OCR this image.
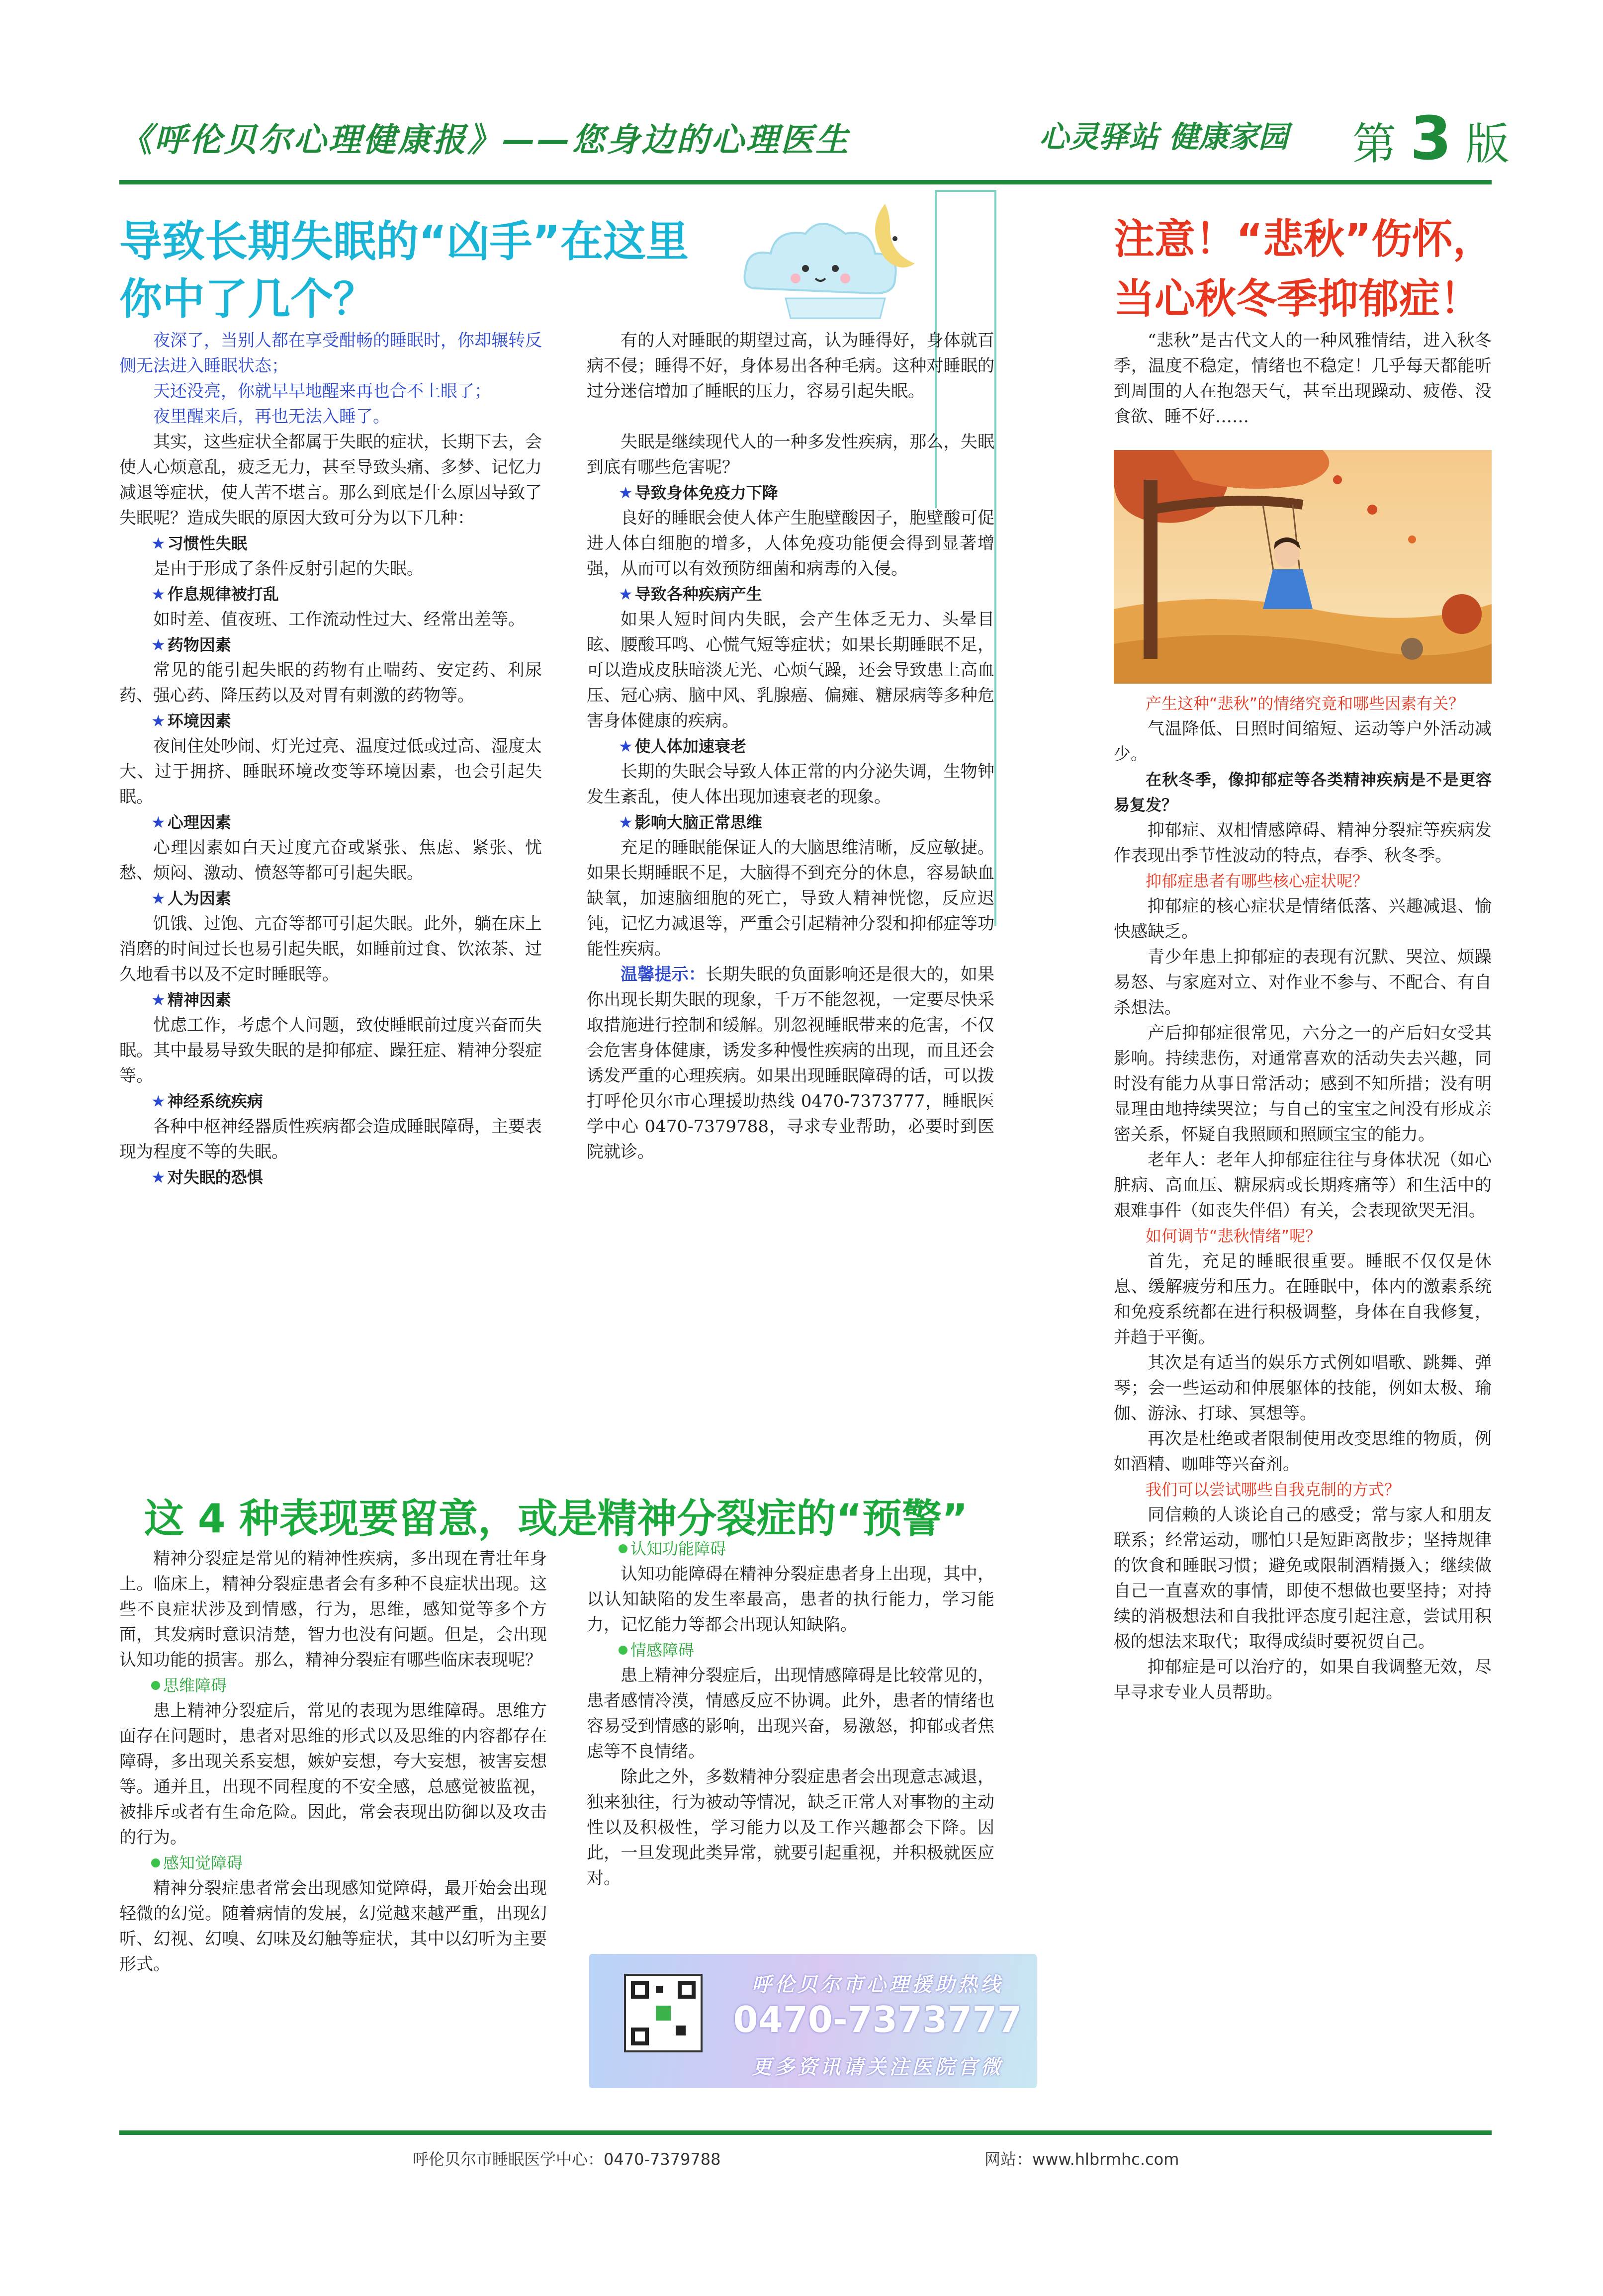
《呼伦贝尔心理健康报》——您身边的心理医生	心灵驿站 健康家园 第 3 版
导致长期失眠的“凶手”在这里
你中了几个？

夜深了，当别人都在享受酣畅的睡眠时，你却辗转反侧无法进入睡眠状态；

天还没亮，你就早早地醒来再也合不上眼了；

夜里醒来后，再也无法入睡了。

其实，这些症状全都属于失眠的症状，长期下去，会使人心烦意乱，疲乏无力，甚至导致头痛、多梦、记忆力减退等症状，使人苦不堪言。那么到底是什么原因导致了失眠呢？造成失眠的原因大致可分为以下几种：

★ 习惯性失眠

是由于形成了条件反射引起的失眠。

★ 作息规律被打乱

如时差、值夜班、工作流动性过大、经常出差等。

★ 药物因素

常见的能引起失眠的药物有止喘药、安定药、利尿药、强心药、降压药以及对胃有刺激的药物等。

★ 环境因素

夜间住处吵闹、灯光过亮、温度过低或过高、湿度太大、过于拥挤、睡眠环境改变等环境因素，也会引起失眠。

★ 心理因素

心理因素如白天过度亢奋或紧张、焦虑、紧张、忧愁、烦闷、激动、愤怒等都可引起失眠。

★ 人为因素

饥饿、过饱、亢奋等都可引起失眠。此外，躺在床上消磨的时间过长也易引起失眠，如睡前过食、饮浓茶、过久地看书以及不定时睡眠等。

★ 精神因素

忧虑工作，考虑个人问题，致使睡眠前过度兴奋而失眠。其中最易导致失眠的是抑郁症、躁狂症、精神分裂症等。

★ 神经系统疾病

各种中枢神经器质性疾病都会造成睡眠障碍，主要表现为程度不等的失眠。

★ 对失眠的恐惧

有的人对睡眠的期望过高，认为睡得好，身体就百病不侵；睡得不好，身体易出各种毛病。这种对睡眠的过分迷信增加了睡眠的压力，容易引起失眠。

失眠是继续现代人的一种多发性疾病，那么，失眠到底有哪些危害呢？

★ 导致身体免疫力下降

良好的睡眠会使人体产生胞壁酸因子，胞壁酸可促进人体白细胞的增多，人体免疫功能便会得到显著增强，从而可以有效预防细菌和病毒的入侵。

★ 导致各种疾病产生

如果人短时间内失眠，会产生体乏无力、头晕目眩、腰酸耳鸣、心慌气短等症状；如果长期睡眠不足，可以造成皮肤暗淡无光、心烦气躁，还会导致患上高血压、冠心病、脑中风、乳腺癌、偏瘫、糖尿病等多种危害身体健康的疾病。

★ 使人体加速衰老

长期的失眠会导致人体正常的内分泌失调，生物钟发生紊乱，使人体出现加速衰老的现象。

★ 影响大脑正常思维

充足的睡眠能保证人的大脑思维清晰，反应敏捷。如果长期睡眠不足，大脑得不到充分的休息，容易缺血缺氧，加速脑细胞的死亡，导致人精神恍惚，反应迟钝，记忆力减退等，严重会引起精神分裂和抑郁症等功能性疾病。

温馨提示：长期失眠的负面影响还是很大的，如果你出现长期失眠的现象，千万不能忽视，一定要尽快采取措施进行控制和缓解。别忽视睡眠带来的危害，不仅会危害身体健康，诱发多种慢性疾病的出现，而且还会诱发严重的心理疾病。如果出现睡眠障碍的话，可以拨打呼伦贝尔市心理援助热线 0470-7373777，睡眠医学中心 0470-7379788，寻求专业帮助，必要时到医院就诊。

注意！“悲秋”伤怀，
当心秋冬季抑郁症！

“悲秋”是古代文人的一种风雅情结，进入秋冬季，温度不稳定，情绪也不稳定！几乎每天都能听到周围的人在抱怨天气，甚至出现躁动、疲倦、没食欲、睡不好……

产生这种“悲秋”的情绪究竟和哪些因素有关？

气温降低、日照时间缩短、运动等户外活动减少。

在秋冬季，像抑郁症等各类精神疾病是不是更容易复发？

抑郁症、双相情感障碍、精神分裂症等疾病发作表现出季节性波动的特点，春季、秋冬季。

抑郁症患者有哪些核心症状呢？

抑郁症的核心症状是情绪低落、兴趣减退、愉快感缺乏。

青少年患上抑郁症的表现有沉默、哭泣、烦躁易怒、与家庭对立、对作业不参与、不配合、有自杀想法。

产后抑郁症很常见，六分之一的产后妇女受其影响。持续悲伤，对通常喜欢的活动失去兴趣，同时没有能力从事日常活动；感到不知所措；没有明显理由地持续哭泣；与自己的宝宝之间没有形成亲密关系，怀疑自我照顾和照顾宝宝的能力。

老年人：老年人抑郁症往往与身体状况（如心脏病、高血压、糖尿病或长期疼痛等）和生活中的艰难事件（如丧失伴侣）有关，会表现欲哭无泪。

如何调节“悲秋情绪”呢？

首先，充足的睡眠很重要。睡眠不仅仅是休息、缓解疲劳和压力。在睡眠中，体内的激素系统和免疫系统都在进行积极调整，身体在自我修复，并趋于平衡。

其次是有适当的娱乐方式例如唱歌、跳舞、弹琴；会一些运动和伸展躯体的技能，例如太极、瑜伽、游泳、打球、冥想等。

再次是杜绝或者限制使用改变思维的物质，例如酒精、咖啡等兴奋剂。

我们可以尝试哪些自我克制的方式？

同信赖的人谈论自己的感受；常与家人和朋友联系；经常运动，哪怕只是短距离散步；坚持规律的饮食和睡眠习惯；避免或限制酒精摄入；继续做自己一直喜欢的事情，即使不想做也要坚持；对持续的消极想法和自我批评态度引起注意，尝试用积极的想法来取代；取得成绩时要祝贺自己。

抑郁症是可以治疗的，如果自我调整无效，尽早寻求专业人员帮助。

这 4 种表现要留意，或是精神分裂症的“预警”

精神分裂症是常见的精神性疾病，多出现在青壮年身上。临床上，精神分裂症患者会有多种不良症状出现。这些不良症状涉及到情感，行为，思维，感知觉等多个方面，其发病时意识清楚，智力也没有问题。但是，会出现认知功能的损害。那么，精神分裂症有哪些临床表现呢？

思维障碍

患上精神分裂症后，常见的表现为思维障碍。思维方面存在问题时，患者对思维的形式以及思维的内容都存在障碍，多出现关系妄想，嫉妒妄想，夸大妄想，被害妄想等。通并且，出现不同程度的不安全感，总感觉被监视，被排斥或者有生命危险。因此，常会表现出防御以及攻击的行为。

感知觉障碍

精神分裂症患者常会出现感知觉障碍，最开始会出现轻微的幻觉。随着病情的发展，幻觉越来越严重，出现幻听、幻视、幻嗅、幻味及幻触等症状，其中以幻听为主要形式。

认知功能障碍

认知功能障碍在精神分裂症患者身上出现，其中，以认知缺陷的发生率最高，患者的执行能力，学习能力，记忆能力等都会出现认知缺陷。

情感障碍

患上精神分裂症后，出现情感障碍是比较常见的，患者感情冷漠，情感反应不协调。此外，患者的情绪也容易受到情感的影响，出现兴奋，易激怒，抑郁或者焦虑等不良情绪。

除此之外，多数精神分裂症患者会出现意志减退，独来独往，行为被动等情况，缺乏正常人对事物的主动性以及积极性，学习能力以及工作兴趣都会下降。因此，一旦发现此类异常，就要引起重视，并积极就医应对。

呼伦贝尔市心理援助热线
0470-7373777
更多资讯请关注医院官微
呼伦贝尔市睡眠医学中心：0470-7379788	网站：www.hlbrmhc.com
